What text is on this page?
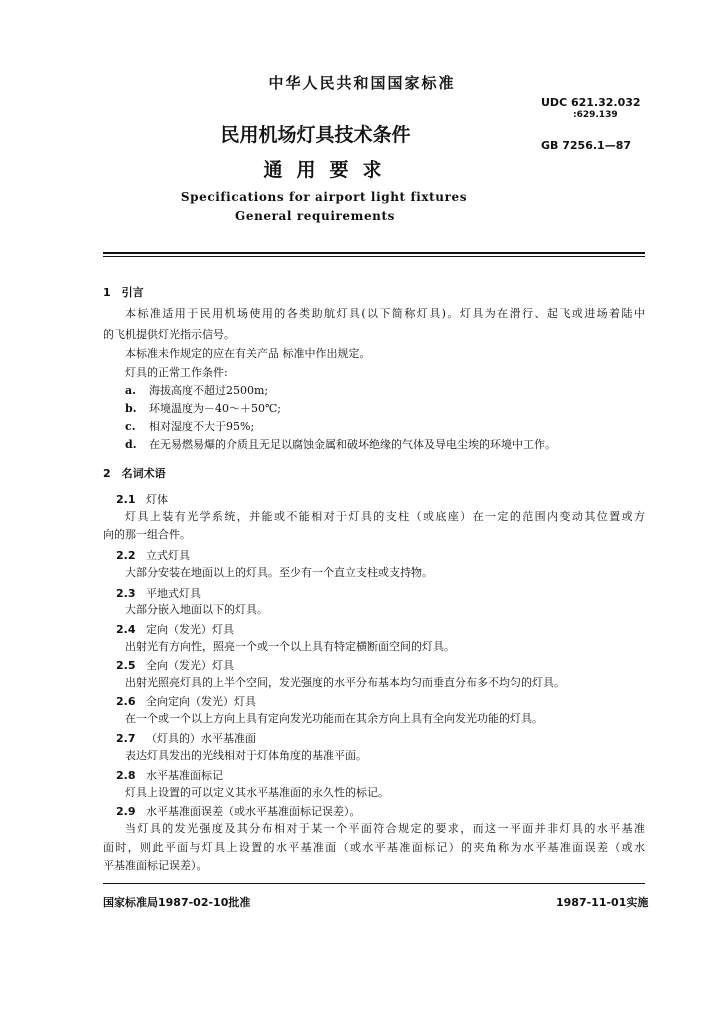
中华人民共和国国家标准
UDC 621.32.032
:629.139
GB 7256.1—87
民用机场灯具技术条件
通用要求
Specifications for airport light fixtures
General requirements
1　引言
本标准适用于民用机场使用的各类助航灯具(以下简称灯具)。灯具为在滑行、起飞或进场着陆中
的飞机提供灯光指示信号。
本标准未作规定的应在有关产品 标准中作出规定。
灯具的正常工作条件:
a. 海拔高度不超过2500m;
b. 环境温度为－40～＋50℃;
c. 相对湿度不大于95%;
d. 在无易燃易爆的介质且无足以腐蚀金属和破坏绝缘的气体及导电尘埃的环境中工作。
2　名词术语
2.1 灯体
灯具上装有光学系统，并能或不能相对于灯具的支柱（或底座）在一定的范围内变动其位置或方
向的那一组合件。
2.2 立式灯具
大部分安装在地面以上的灯具。至少有一个直立支柱或支持物。
2.3 平地式灯具
大部分嵌入地面以下的灯具。
2.4 定向（发光）灯具
出射光有方向性，照亮一个或一个以上具有特定横断面空间的灯具。
2.5 全向（发光）灯具
出射光照亮灯具的上半个空间，发光强度的水平分布基本均匀而垂直分布多不均匀的灯具。
2.6 全向定向（发光）灯具
在一个或一个以上方向上具有定向发光功能而在其余方向上具有全向发光功能的灯具。
2.7 （灯具的）水平基准面
表达灯具发出的光线相对于灯体角度的基准平面。
2.8 水平基准面标记
灯具上设置的可以定义其水平基准面的永久性的标记。
2.9 水平基准面误差（或水平基准面标记误差）。
当灯具的发光强度及其分布相对于某一个平面符合规定的要求，而这一平面并非灯具的水平基准
面时，则此平面与灯具上设置的水平基准面（或水平基准面标记）的夹角称为水平基准面误差（或水
平基准面标记误差）。
国家标准局1987-02-10批准	1987-11-01实施
